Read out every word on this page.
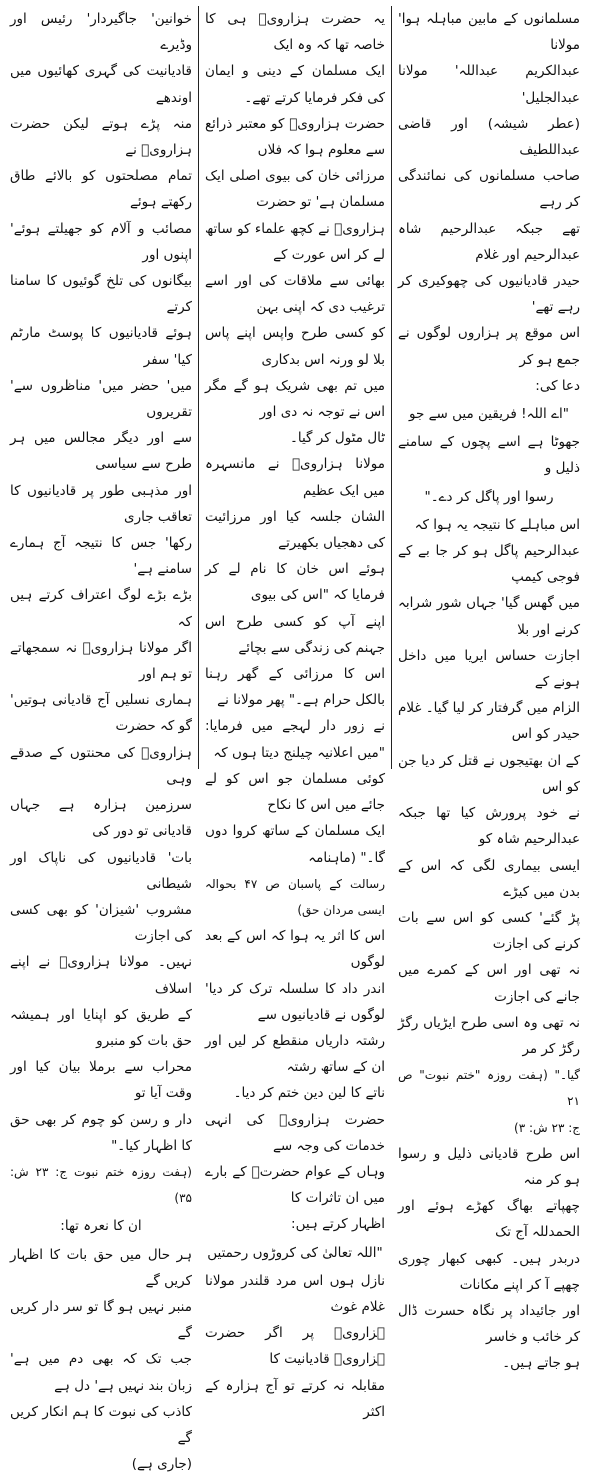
مسلمانوں کے مابین مباہلہ ہوا' مولانا

عبدالکریم عبداللہ' مولانا عبدالجلیل'

(عطر شیشہ) اور قاضی عبداللطیف

صاحب مسلمانوں کی نمائندگی کر رہے

تھے جبکہ عبدالرحیم شاہ عبدالرحیم اور غلام

حیدر قادیانیوں کی چھوکیری کر رہے تھے'

اس موقع پر ہزاروں لوگوں نے جمع ہو کر

دعا کی:

"اے اللہ! فریقین میں سے جو

جھوٹا ہے اسے پچوں کے سامنے ذلیل و

رسوا اور پاگل کر دے۔"

اس مباہلے کا نتیجہ یہ ہوا کہ

عبدالرحیم پاگل ہو کر جا بے کے فوجی کیمپ

میں گھس گیا' جہاں شور شرابہ کرنے اور بلا

اجازت حساس ایریا میں داخل ہونے کے

الزام میں گرفتار کر لیا گیا۔ غلام حیدر کو اس

کے ان بھتیجوں نے قتل کر دیا جن کو اس

نے خود پرورش کیا تھا جبکہ عبدالرحیم شاہ کو

ایسی بیماری لگی کہ اس کے بدن میں کیڑے

پڑ گئے' کسی کو اس سے بات کرنے کی اجازت

نہ تھی اور اس کے کمرے میں جانے کی اجازت

نہ تھی وہ اسی طرح ایڑیاں رگڑ رگڑ کر مر

گیا۔" (ہفت روزہ "ختم نبوت" ص ۲۱

ج: ۲۳ ش: ۳)

اس طرح قادیانی ذلیل و رسوا ہو کر منہ

چھپاتے بھاگ کھڑے ہوئے اور الحمدللہ آج تک

دربدر ہیں۔ کبھی کبھار چوری چھپے آ کر اپنے مکانات

اور جائیداد پر نگاہ حسرت ڈال کر خائب و خاسر

ہو جاتے ہیں۔

یہ حضرت ہزارویؒ ہی کا خاصہ تھا کہ وہ ایک

ایک مسلمان کے دینی و ایمان کی فکر فرمایا کرتے تھے۔

حضرت ہزارویؒ کو معتبر ذرائع سے معلوم ہوا کہ فلاں

مرزائی خان کی بیوی اصلی ایک مسلمان ہے' تو حضرت

ہزارویؒ نے کچھ علماء کو ساتھ لے کر اس عورت کے

بھائی سے ملاقات کی اور اسے ترغیب دی کہ اپنی بہن

کو کسی طرح واپس اپنے پاس بلا لو ورنہ اس بدکاری

میں تم بھی شریک ہو گے مگر اس نے توجہ نہ دی اور

ٹال مٹول کر گیا۔

مولانا ہزارویؒ نے مانسہرہ میں ایک عظیم

الشان جلسہ کیا اور مرزائیت کی دھجیاں بکھیرتے

ہوئے اس خان کا نام لے کر فرمایا کہ "اس کی بیوی

اپنے آپ کو کسی طرح اس جہنم کی زندگی سے بچائے

اس کا مرزائی کے گھر رہنا بالکل حرام ہے۔" پھر مولانا نے

نے زور دار لہجے میں فرمایا: "میں اعلانیہ چیلنج دیتا ہوں کہ

کوئی مسلمان جو اس کو لے جائے میں اس کا نکاح

ایک مسلمان کے ساتھ کروا دوں گا۔" (ماہنامہ

رسالت کے پاسبان ص ۴۷ بحوالہ ایسی مردان حق)

اس کا اثر یہ ہوا کہ اس کے بعد لوگوں

اندر داد کا سلسلہ ترک کر دیا' لوگوں نے قادیانیوں سے

رشتہ داریاں منقطع کر لیں اور ان کے ساتھ رشتہ

ناتے کا لین دین ختم کر دیا۔

حضرت ہزارویؒ کی انہی خدمات کی وجہ سے

وہاں کے عوام حضرتؒ کے بارے میں ان تاثرات کا

اظہار کرتے ہیں:

"اللہ تعالیٰ کی کروڑوں رحمتیں

نازل ہوں اس مرد قلندر مولانا غلام غوث

ہزارویؒ پر اگر حضرت ہزارویؒ قادیانیت کا

مقابلہ نہ کرتے تو آج ہزارہ کے اکثر

خوانین' جاگیردار' رئیس اور وڈیرے

قادیانیت کی گہری کھائیوں میں اوندھے

منہ پڑے ہوتے لیکن حضرت ہزارویؒ نے

تمام مصلحتوں کو بالائے طاق رکھتے ہوئے

مصائب و آلام کو جھیلتے ہوئے' اپنوں اور

بیگانوں کی تلخ گوئیوں کا سامنا کرتے

ہوئے قادیانیوں کا پوسٹ مارٹم کیا' سفر

میں' حضر میں' مناظروں سے' تقریروں

سے اور دیگر مجالس میں ہر طرح سے سیاسی

اور مذہبی طور پر قادیانیوں کا تعاقب جاری

رکھا' جس کا نتیجہ آج ہمارے سامنے ہے'

بڑے بڑے لوگ اعتراف کرتے ہیں کہ

اگر مولانا ہزارویؒ نہ سمجھاتے تو ہم اور

ہماری نسلیں آج قادیانی ہوتیں' گو کہ حضرت

ہزارویؒ کی محنتوں کے صدقے وہی

سرزمین ہزارہ ہے جہاں قادیانی تو دور کی

بات' قادیانیوں کی ناپاک اور شیطانی

مشروب 'شیزان' کو بھی کسی کی اجازت

نہیں۔ مولانا ہزارویؒ نے اپنے اسلاف

کے طریق کو اپنایا اور ہمیشہ حق بات کو منبرو

محراب سے برملا بیان کیا اور وقت آیا تو

دار و رسن کو چوم کر بھی حق کا اظہار کیا۔"

(ہفت روزہ ختم نبوت ج: ۲۳ ش: ۳۵)

ان کا نعرہ تھا:

ہر حال میں حق بات کا اظہار کریں گے

منبر نہیں ہو گا تو سر دار کریں گے

جب تک کہ بھی دم میں ہے' زبان بند نہیں ہے' دل ہے

کاذب کی نبوت کا ہم انکار کریں گے

(جاری ہے)
